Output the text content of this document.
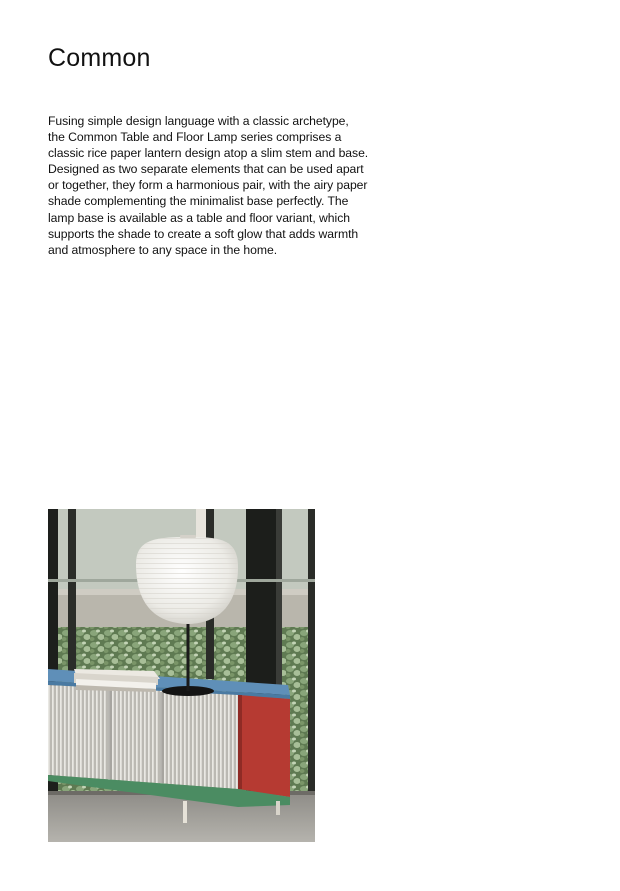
Common

Fusing simple design language with a classic archetype,
the Common Table and Floor Lamp series comprises a
classic rice paper lantern design atop a slim stem and base.
Designed as two separate elements that can be used apart
or together, they form a harmonious pair, with the airy paper
shade complementing the minimalist base perfectly. The
lamp base is available as a table and floor variant, which
supports the shade to create a soft glow that adds warmth
and atmosphere to any space in the home.
